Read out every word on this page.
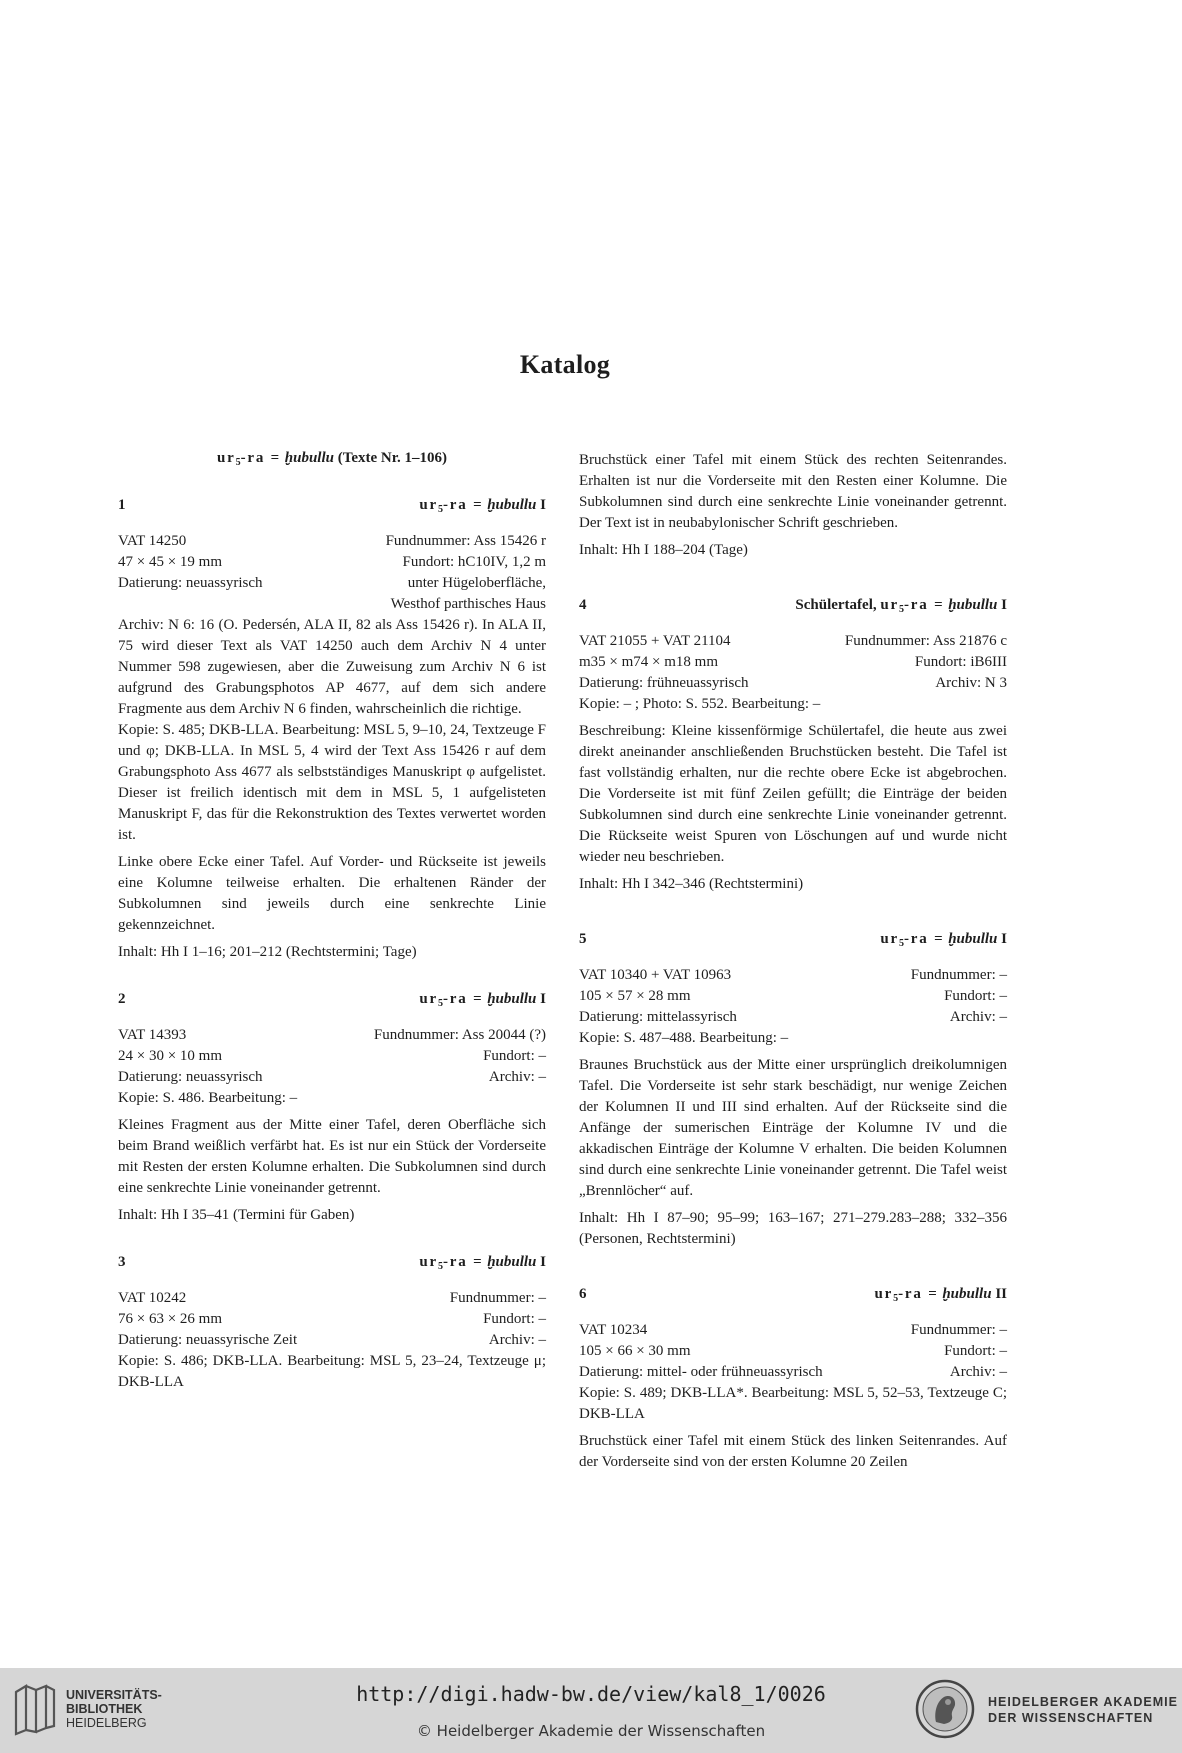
Katalog
$ur_5-ra$ = ḫubullu (Texte Nr. 1–106)
1	$ur_5-ra$ = ḫubullu I
VAT 14250	Fundnummer: Ass 15426 r
47 × 45 × 19 mm	Fundort: hC10IV, 1,2 m
Datierung: neuassyrisch	unter Hügeloberfläche,
Westhof parthisches Haus

Archiv: N 6: 16 (O. Pedersén, ALA II, 82 als Ass 15426 r). In ALA II, 75 wird dieser Text als VAT 14250 auch dem Archiv N 4 unter Nummer 598 zugewiesen, aber die Zuweisung zum Archiv N 6 ist aufgrund des Grabungsphotos AP 4677, auf dem sich andere Fragmente aus dem Archiv N 6 finden, wahrscheinlich die richtige.

Kopie: S. 485; DKB-LLA. Bearbeitung: MSL 5, 9–10, 24, Textzeuge F und φ; DKB-LLA. In MSL 5, 4 wird der Text Ass 15426 r auf dem Grabungsphoto Ass 4677 als selbstständiges Manuskript φ aufgelistet. Dieser ist freilich identisch mit dem in MSL 5, 1 aufgelisteten Manuskript F, das für die Rekonstruktion des Textes verwertet worden ist.

Linke obere Ecke einer Tafel. Auf Vorder- und Rückseite ist jeweils eine Kolumne teilweise erhalten. Die erhaltenen Ränder der Subkolumnen sind jeweils durch eine senkrechte Linie gekennzeichnet.

Inhalt: Hh I 1–16; 201–212 (Rechtstermini; Tage)

2	$ur_5-ra$ = ḫubullu I
VAT 14393	Fundnummer: Ass 20044 (?)
24 × 30 × 10 mm	Fundort: –
Datierung: neuassyrisch	Archiv: –

Kopie: S. 486. Bearbeitung: –

Kleines Fragment aus der Mitte einer Tafel, deren Oberfläche sich beim Brand weißlich verfärbt hat. Es ist nur ein Stück der Vorderseite mit Resten der ersten Kolumne erhalten. Die Subkolumnen sind durch eine senkrechte Linie voneinander getrennt.

Inhalt: Hh I 35–41 (Termini für Gaben)

3	$ur_5-ra$ = ḫubullu I
VAT 10242	Fundnummer: –
76 × 63 × 26 mm	Fundort: –
Datierung: neuassyrische Zeit	Archiv: –

Kopie: S. 486; DKB-LLA. Bearbeitung: MSL 5, 23–24, Textzeuge μ; DKB-LLA

Bruchstück einer Tafel mit einem Stück des rechten Seitenrandes. Erhalten ist nur die Vorderseite mit den Resten einer Kolumne. Die Subkolumnen sind durch eine senkrechte Linie voneinander getrennt. Der Text ist in neubabylonischer Schrift geschrieben.

Inhalt: Hh I 188–204 (Tage)

4	Schülertafel, $ur_5-ra$ = ḫubullu I
VAT 21055 + VAT 21104	Fundnummer: Ass 21876 c
m35 × m74 × m18 mm	Fundort: iB6III
Datierung: frühneuassyrisch	Archiv: N 3

Kopie: – ; Photo: S. 552. Bearbeitung: –

Beschreibung: Kleine kissenförmige Schülertafel, die heute aus zwei direkt aneinander anschließenden Bruchstücken besteht. Die Tafel ist fast vollständig erhalten, nur die rechte obere Ecke ist abgebrochen. Die Vorderseite ist mit fünf Zeilen gefüllt; die Einträge der beiden Subkolumnen sind durch eine senkrechte Linie voneinander getrennt. Die Rückseite weist Spuren von Löschungen auf und wurde nicht wieder neu beschrieben.

Inhalt: Hh I 342–346 (Rechtstermini)

5	$ur_5-ra$ = ḫubullu I
VAT 10340 + VAT 10963	Fundnummer: –
105 × 57 × 28 mm	Fundort: –
Datierung: mittelassyrisch	Archiv: –

Kopie: S. 487–488. Bearbeitung: –

Braunes Bruchstück aus der Mitte einer ursprünglich dreikolumnigen Tafel. Die Vorderseite ist sehr stark beschädigt, nur wenige Zeichen der Kolumnen II und III sind erhalten. Auf der Rückseite sind die Anfänge der sumerischen Einträge der Kolumne IV und die akkadischen Einträge der Kolumne V erhalten. Die beiden Kolumnen sind durch eine senkrechte Linie voneinander getrennt. Die Tafel weist „Brennlöcher“ auf.

Inhalt: Hh I 87–90; 95–99; 163–167; 271–279.283–288; 332–356 (Personen, Rechtstermini)

6	$ur_5-ra$ = ḫubullu II
VAT 10234	Fundnummer: –
105 × 66 × 30 mm	Fundort: –
Datierung: mittel- oder frühneuassyrisch	Archiv: –

Kopie: S. 489; DKB-LLA*. Bearbeitung: MSL 5, 52–53, Textzeuge C; DKB-LLA

Bruchstück einer Tafel mit einem Stück des linken Seitenrandes. Auf der Vorderseite sind von der ersten Kolumne 20 Zeilen

UNIVERSITÄTS-
BIBLIOTHEK
HEIDELBERG
http://digi.hadw-bw.de/view/kal8_1/0026
© Heidelberger Akademie der Wissenschaften
HEIDELBERGER AKADEMIE
DER WISSENSCHAFTEN
